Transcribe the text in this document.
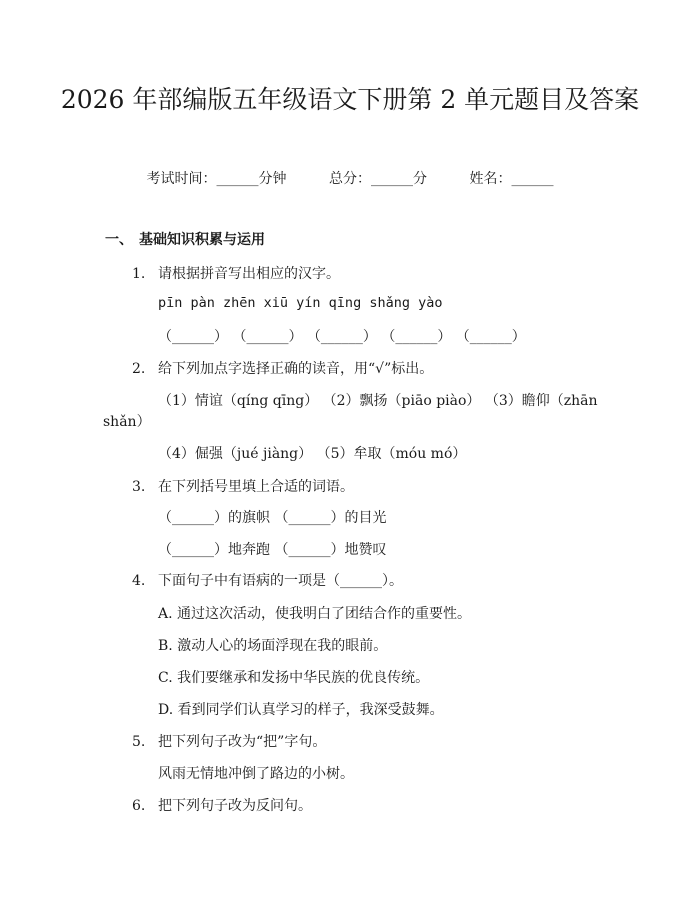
2026 年部编版五年级语文下册第 2 单元题目及答案
考试时间：______分钟	总分：______分	姓名：______
一、 基础知识积累与运用
1. 请根据拼音写出相应的汉字。
pīn pàn zhēn xiū yín qīng shǎng yào
（______） （______） （______） （______） （______）
2. 给下列加点字选择正确的读音，用“√”标出。
（1）情谊（qíng qīng） （2）飘扬（piāo piào） （3）瞻仰（zhān
shǎn）
（4）倔强（jué jiàng） （5）牟取（móu mó）
3. 在下列括号里填上合适的词语。
（______）的旗帜 （______）的目光
（______）地奔跑 （______）地赞叹
4. 下面句子中有语病的一项是（______）。
A. 通过这次活动，使我明白了团结合作的重要性。
B. 激动人心的场面浮现在我的眼前。
C. 我们要继承和发扬中华民族的优良传统。
D. 看到同学们认真学习的样子，我深受鼓舞。
5. 把下列句子改为“把”字句。
风雨无情地冲倒了路边的小树。
6. 把下列句子改为反问句。
